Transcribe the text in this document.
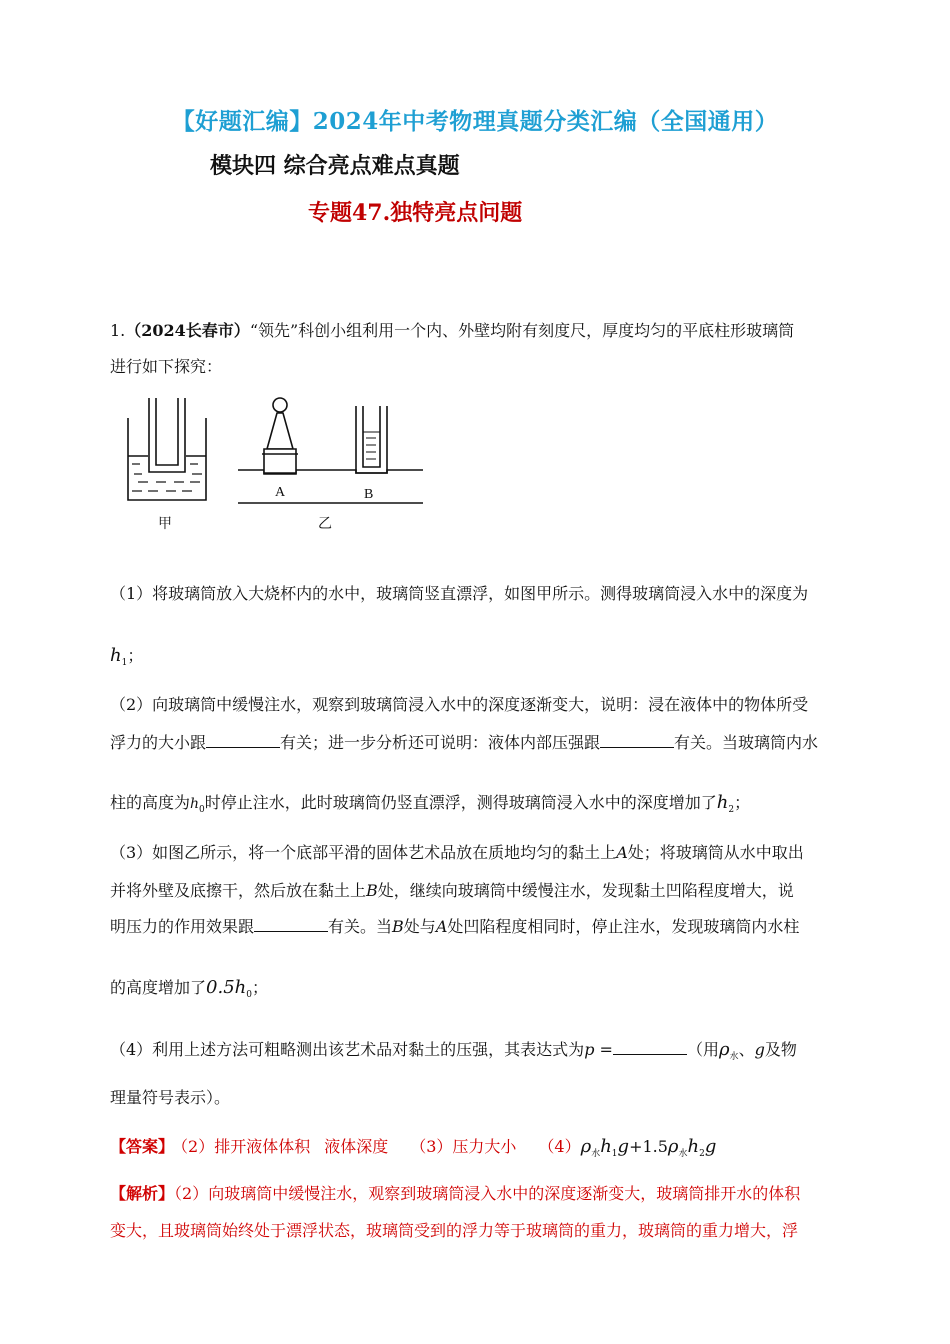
【好题汇编】2024年中考物理真题分类汇编（全国通用）
模块四 综合亮点难点真题
专题47.独特亮点问题
1.（2024长春市）“领先”科创小组利用一个内、外壁均附有刻度尺，厚度均匀的平底柱形玻璃筒
进行如下探究：
A	B
甲	乙
（1）将玻璃筒放入大烧杯内的水中，玻璃筒竖直漂浮，如图甲所示。测得玻璃筒浸入水中的深度为
$h_1$；
（2）向玻璃筒中缓慢注水，观察到玻璃筒浸入水中的深度逐渐变大，说明：浸在液体中的物体所受
浮力的大小跟	有关；进一步分析还可说明：液体内部压强跟	有关。当玻璃筒内水
柱的高度为$h_0$时停止注水，此时玻璃筒仍竖直漂浮，测得玻璃筒浸入水中的深度增加了$h_2$；
（3）如图乙所示，将一个底部平滑的固体艺术品放在质地均匀的黏土上A处；将玻璃筒从水中取出
并将外壁及底擦干，然后放在黏土上B处，继续向玻璃筒中缓慢注水，发现黏土凹陷程度增大，说
明压力的作用效果跟	有关。当B处与A处凹陷程度相同时，停止注水，发现玻璃筒内水柱
的高度增加了$0.5h_0$；
（4）利用上述方法可粗略测出该艺术品对黏土的压强，其表达式为p =	（用$\rho_水$、g及物
理量符号表示）。
【答案】 （2）排开液体体积 液体深度 （3）压力大小 $(4)\rho_水h_1g+1.5\rho_水h_2g$
【解析】（2）向玻璃筒中缓慢注水，观察到玻璃筒浸入水中的深度逐渐变大，玻璃筒排开水的体积
变大，且玻璃筒始终处于漂浮状态，玻璃筒受到的浮力等于玻璃筒的重力，玻璃筒的重力增大，浮
